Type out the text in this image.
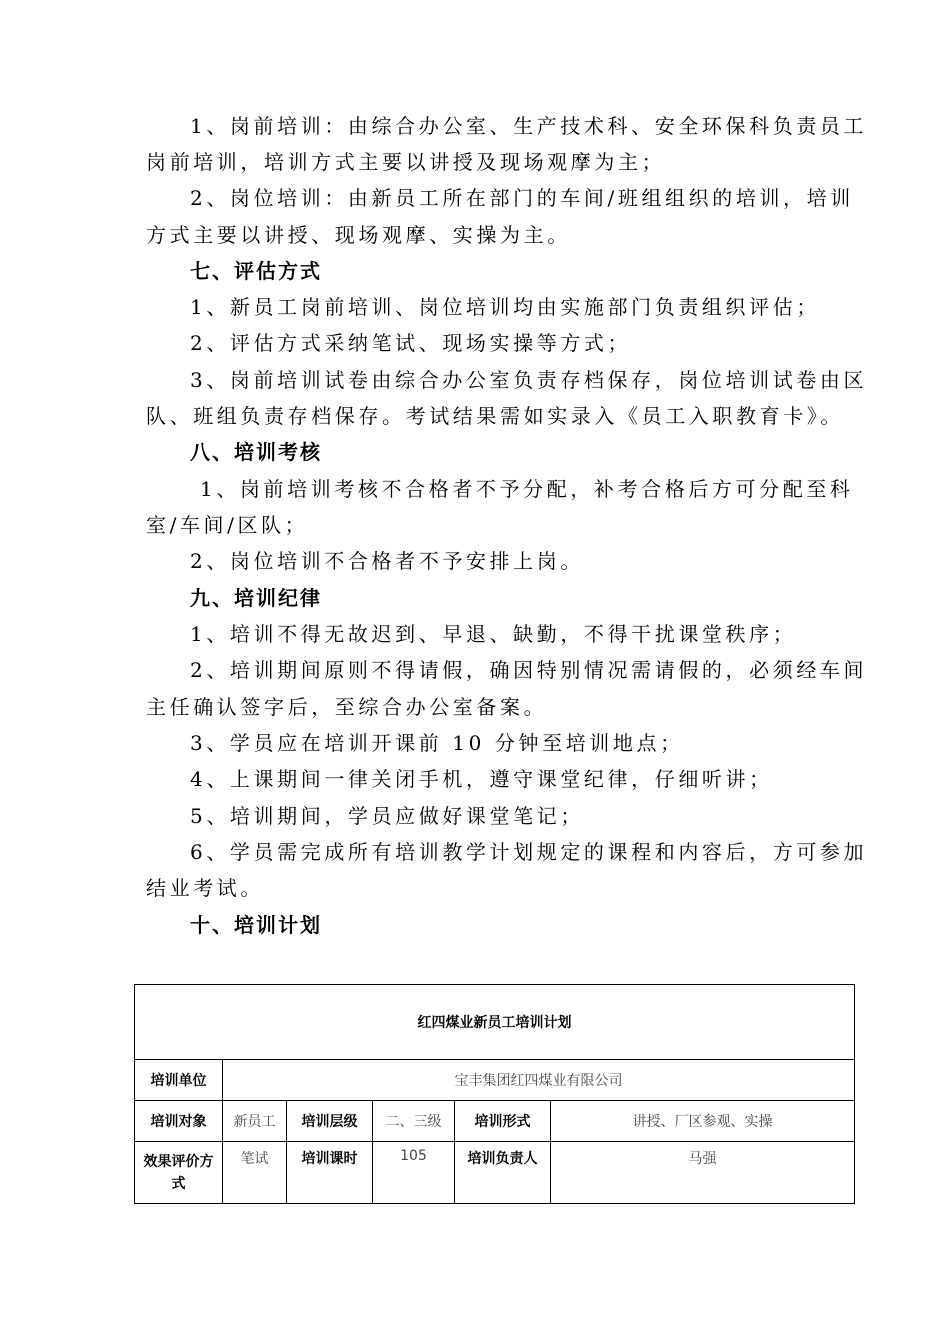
1、岗前培训：由综合办公室、生产技术科、安全环保科负责员工
岗前培训，培训方式主要以讲授及现场观摩为主；
2、岗位培训：由新员工所在部门的车间/班组组织的培训，培训
方式主要以讲授、现场观摩、实操为主。
七、评估方式
1、新员工岗前培训、岗位培训均由实施部门负责组织评估；
2、评估方式采纳笔试、现场实操等方式；
3、岗前培训试卷由综合办公室负责存档保存，岗位培训试卷由区
队、班组负责存档保存。考试结果需如实录入《员工入职教育卡》。
八、培训考核
1、岗前培训考核不合格者不予分配，补考合格后方可分配至科
室/车间/区队；
2、岗位培训不合格者不予安排上岗。
九、培训纪律
1、培训不得无故迟到、早退、缺勤，不得干扰课堂秩序；
2、培训期间原则不得请假，确因特别情况需请假的，必须经车间
主任确认签字后，至综合办公室备案。
3、学员应在培训开课前 10 分钟至培训地点；
4、上课期间一律关闭手机，遵守课堂纪律，仔细听讲；
5、培训期间，学员应做好课堂笔记；
6、学员需完成所有培训教学计划规定的课程和内容后，方可参加
结业考试。
十、培训计划
红四煤业新员工培训计划					
培训单位	宝丰集团红四煤业有限公司				
培训对象	新员工	培训层级	二、三级	培训形式	讲授、厂区参观、实操
效果评价方式	笔试	培训课时	105	培训负责人	马强
